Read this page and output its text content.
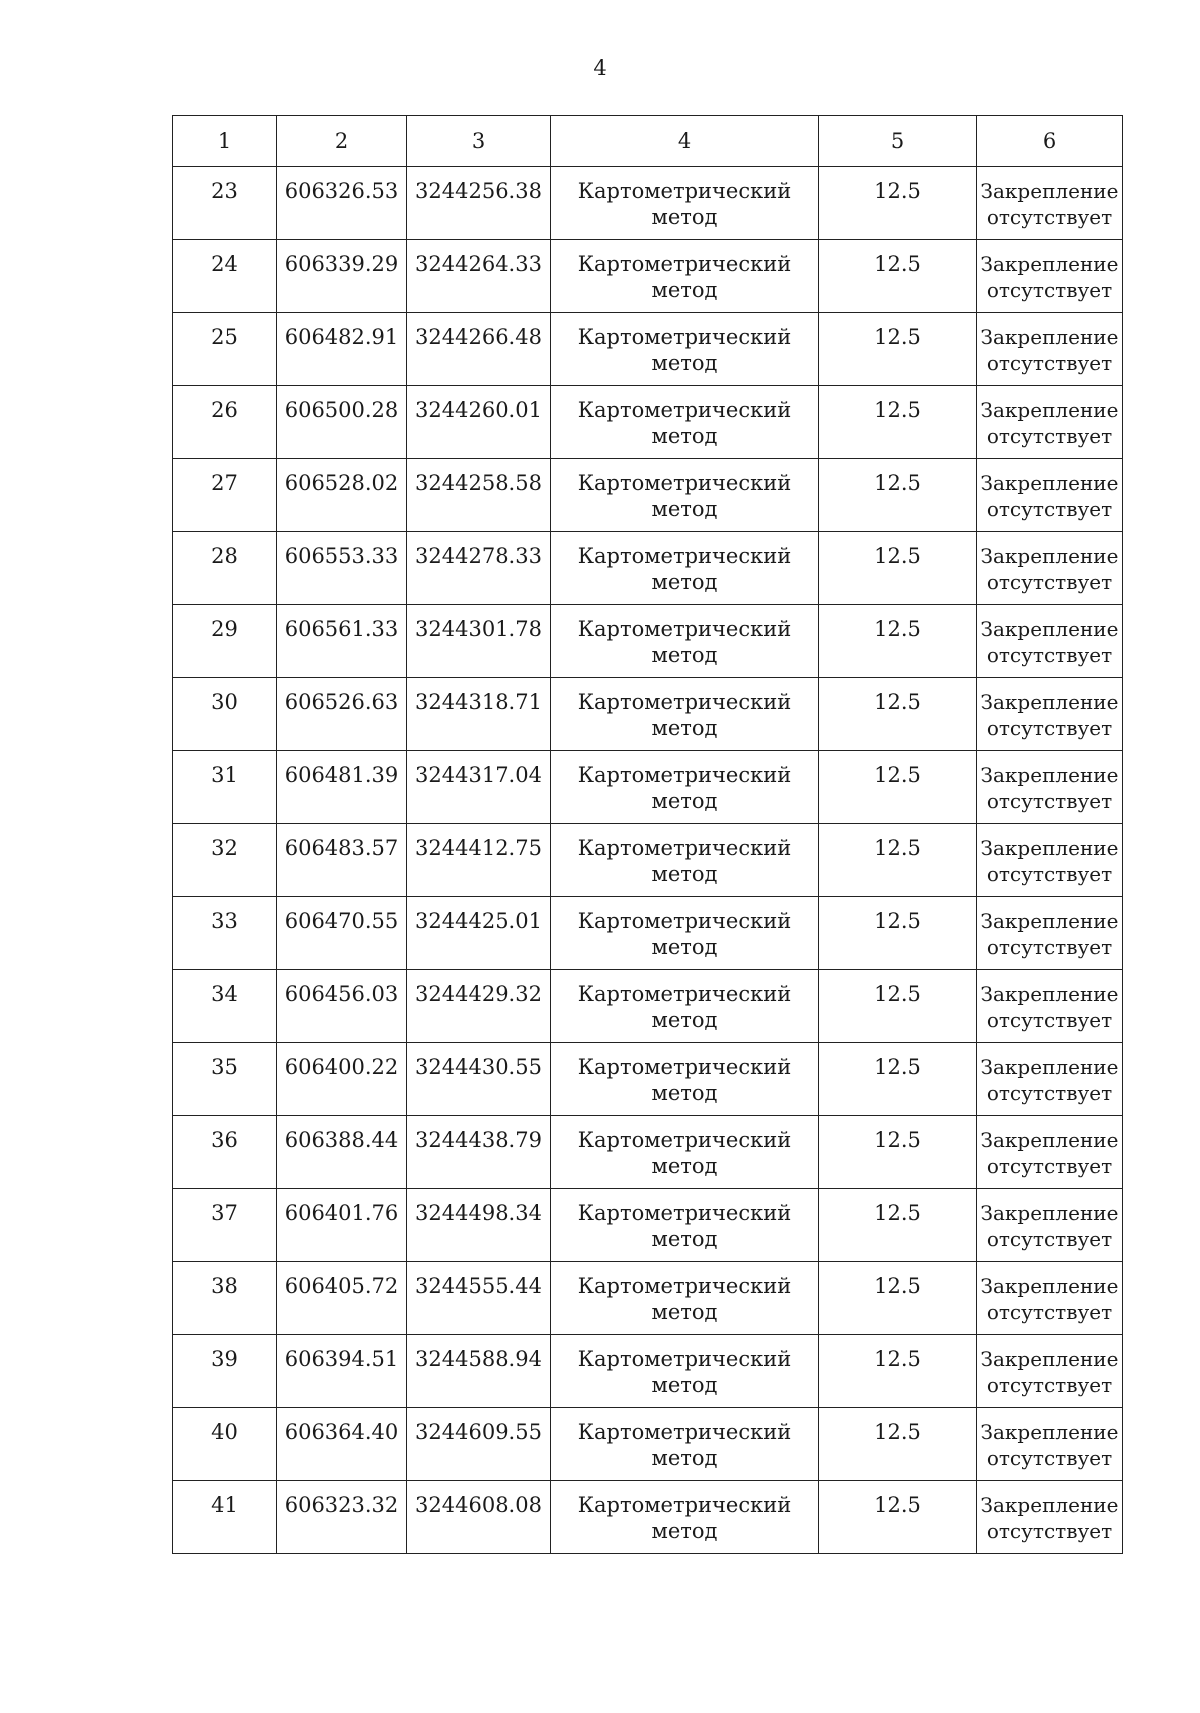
4
1	2	3	4	5	6

23	606326.53	3244256.38	Картометрический метод	12.5	Закрепление
отсутствует

24	606339.29	3244264.33	Картометрический метод	12.5	Закрепление
отсутствует

25	606482.91	3244266.48	Картометрический метод	12.5	Закрепление
отсутствует

26	606500.28	3244260.01	Картометрический метод	12.5	Закрепление
отсутствует

27	606528.02	3244258.58	Картометрический метод	12.5	Закрепление
отсутствует

28	606553.33	3244278.33	Картометрический метод	12.5	Закрепление
отсутствует

29	606561.33	3244301.78	Картометрический метод	12.5	Закрепление
отсутствует

30	606526.63	3244318.71	Картометрический метод	12.5	Закрепление
отсутствует

31	606481.39	3244317.04	Картометрический метод	12.5	Закрепление
отсутствует

32	606483.57	3244412.75	Картометрический метод	12.5	Закрепление
отсутствует

33	606470.55	3244425.01	Картометрический метод	12.5	Закрепление
отсутствует

34	606456.03	3244429.32	Картометрический метод	12.5	Закрепление
отсутствует

35	606400.22	3244430.55	Картометрический метод	12.5	Закрепление
отсутствует

36	606388.44	3244438.79	Картометрический метод	12.5	Закрепление
отсутствует

37	606401.76	3244498.34	Картометрический метод	12.5	Закрепление
отсутствует

38	606405.72	3244555.44	Картометрический метод	12.5	Закрепление
отсутствует

39	606394.51	3244588.94	Картометрический метод	12.5	Закрепление
отсутствует

40	606364.40	3244609.55	Картометрический метод	12.5	Закрепление
отсутствует

41	606323.32	3244608.08	Картометрический метод	12.5	Закрепление
отсутствует
